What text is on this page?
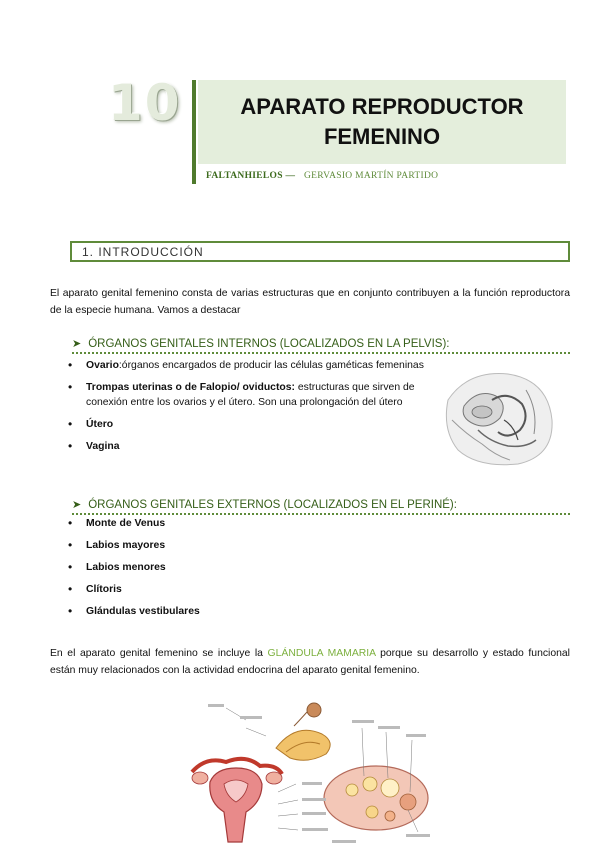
10	APARATO REPRODUCTOR
FEMENINO
FALTANHIELOS — GERVASIO MARTÍN PARTIDO
1. INTRODUCCIÓN

El aparato genital femenino consta de varias estructuras que en conjunto contribuyen a la función reproductora de la especie humana. Vamos a destacar

➤ ÓRGANOS GENITALES INTERNOS (LOCALIZADOS EN LA PELVIS):
• Ovario:órganos encargados de producir las células gaméticas femeninas
• Trompas uterinas o de Falopio/ oviductos: estructuras que sirven de conexión entre los ovarios y el útero. Son una prolongación del útero
• Útero
• Vagina
➤ ÓRGANOS GENITALES EXTERNOS (LOCALIZADOS EN EL PERINÉ):
• Monte de Venus
• Labios mayores
• Labios menores
• Clítoris
• Glándulas vestibulares

En el aparato genital femenino se incluye la GLÁNDULA MAMARIA porque su desarrollo y estado funcional están muy relacionados con la actividad endocrina del aparato genital femenino.
